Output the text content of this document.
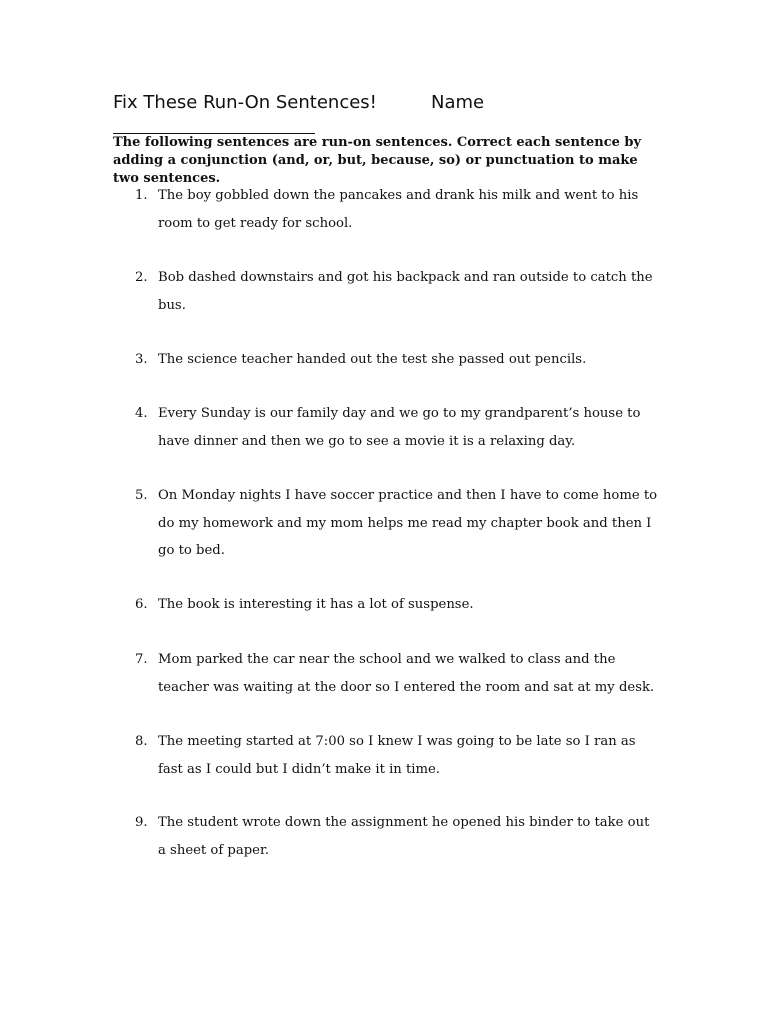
Fix These Run-On Sentences!	Name
The following sentences are run-on sentences. Correct each sentence by adding a conjunction (and, or, but, because, so) or punctuation to make two sentences.
1. The boy gobbled down the pancakes and drank his milk and went to his room to get ready for school.
2. Bob dashed downstairs and got his backpack and ran outside to catch the bus.
3. The science teacher handed out the test she passed out pencils.
4. Every Sunday is our family day and we go to my grandparent’s house to have dinner and then we go to see a movie it is a relaxing day.
5. On Monday nights I have soccer practice and then I have to come home to do my homework and my mom helps me read my chapter book and then I go to bed.
6. The book is interesting it has a lot of suspense.
7. Mom parked the car near the school and we walked to class and the teacher was waiting at the door so I entered the room and sat at my desk.
8. The meeting started at 7:00 so I knew I was going to be late so I ran as fast as I could but I didn’t make it in time.
9. The student wrote down the assignment he opened his binder to take out a sheet of paper.
